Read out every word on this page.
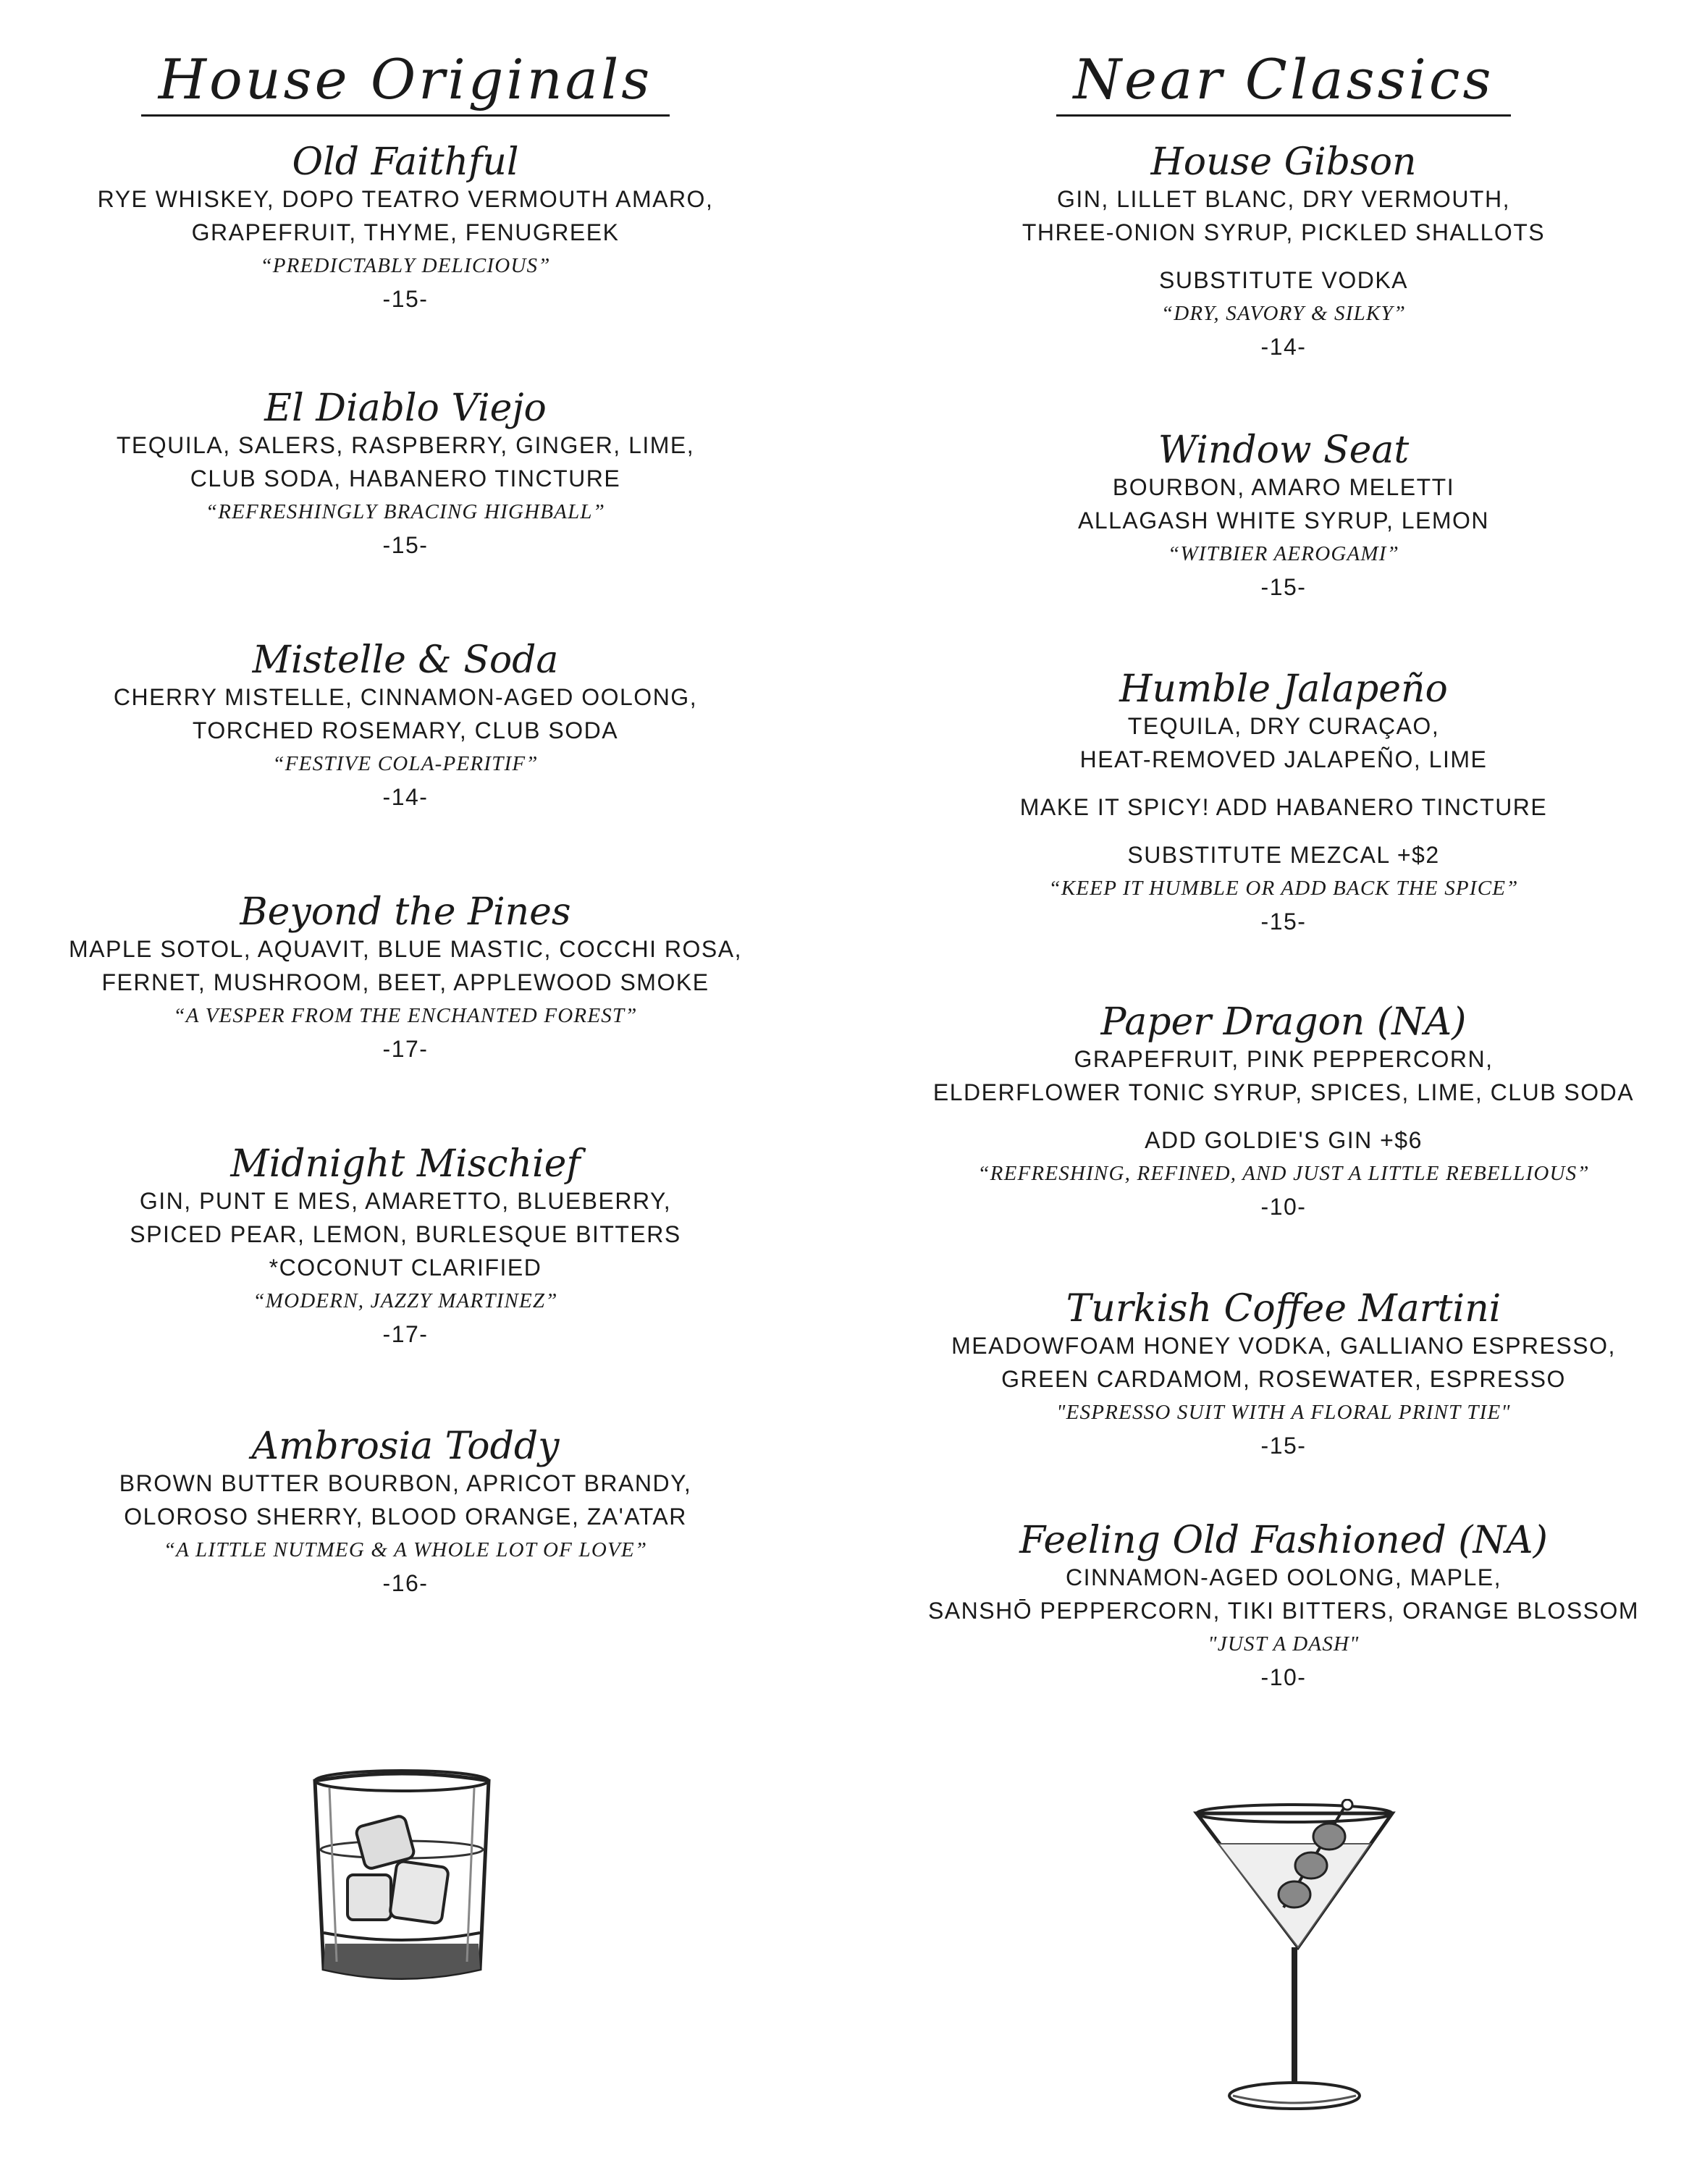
House Originals
Old Faithful
RYE WHISKEY, DOPO TEATRO VERMOUTH AMARO,
GRAPEFRUIT, THYME, FENUGREEK
“PREDICTABLY DELICIOUS”
-15-
El Diablo Viejo
TEQUILA, SALERS, RASPBERRY, GINGER, LIME,
CLUB SODA, HABANERO TINCTURE
“REFRESHINGLY BRACING HIGHBALL”
-15-
Mistelle & Soda
CHERRY MISTELLE, CINNAMON-AGED OOLONG,
TORCHED ROSEMARY, CLUB SODA
“FESTIVE COLA-PERITIF”
-14-
Beyond the Pines
MAPLE SOTOL, AQUAVIT, BLUE MASTIC, COCCHI ROSA,
FERNET, MUSHROOM, BEET, APPLEWOOD SMOKE
“A VESPER FROM THE ENCHANTED FOREST”
-17-
Midnight Mischief
GIN, PUNT E MES, AMARETTO, BLUEBERRY,
SPICED PEAR, LEMON, BURLESQUE BITTERS
*COCONUT CLARIFIED
“MODERN, JAZZY MARTINEZ”
-17-
Ambrosia Toddy
BROWN BUTTER BOURBON, APRICOT BRANDY,
OLOROSO SHERRY, BLOOD ORANGE, ZA'ATAR
“A LITTLE NUTMEG & A WHOLE LOT OF LOVE”
-16-
Near Classics
House Gibson
GIN, LILLET BLANC, DRY VERMOUTH,
THREE-ONION SYRUP, PICKLED SHALLOTS
SUBSTITUTE VODKA
“DRY, SAVORY & SILKY”
-14-
Window Seat
BOURBON, AMARO MELETTI
ALLAGASH WHITE SYRUP, LEMON
“WITBIER AEROGAMI”
-15-
Humble Jalapeño
TEQUILA, DRY CURAÇAO,
HEAT-REMOVED JALAPEÑO, LIME
MAKE IT SPICY! ADD HABANERO TINCTURE
SUBSTITUTE MEZCAL +$2
“KEEP IT HUMBLE OR ADD BACK THE SPICE”
-15-
Paper Dragon (NA)
GRAPEFRUIT, PINK PEPPERCORN,
ELDERFLOWER TONIC SYRUP, SPICES, LIME, CLUB SODA
ADD GOLDIE'S GIN +$6
“REFRESHING, REFINED, AND JUST A LITTLE REBELLIOUS”
-10-
Turkish Coffee Martini
MEADOWFOAM HONEY VODKA, GALLIANO ESPRESSO,
GREEN CARDAMOM, ROSEWATER, ESPRESSO
"ESPRESSO SUIT WITH A FLORAL PRINT TIE"
-15-
Feeling Old Fashioned (NA)
CINNAMON-AGED OOLONG, MAPLE,
SANSHŌ PEPPERCORN, TIKI BITTERS, ORANGE BLOSSOM
"JUST A DASH"
-10-
